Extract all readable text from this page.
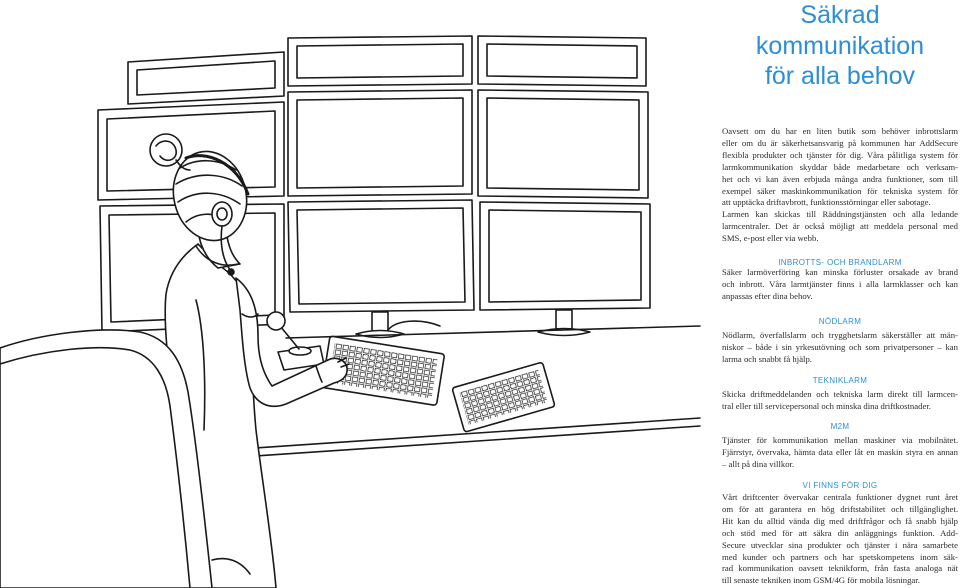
Säkrad
kommunikation
för alla behov
Oavsett om du har en liten butik som behöver inbrottslarm
eller om du är säkerhetsansvarig på kommunen har AddSecure
flexibla produkter och tjänster för dig. Våra pålitliga system för
larmkommunikation skyddar både medarbetare och verksam-
het och vi kan även erbjuda många andra funktioner, som till
exempel säker maskinkommunikation för tekniska system för
att upptäcka driftavbrott, funktionsstörningar eller sabotage.
Larmen kan skickas till Räddningstjänsten och alla ledande
larmcentraler. Det är också möjligt att meddela personal med
SMS, e-post eller via webb.
INBROTTS- OCH BRANDLARM
Säker larmöverföring kan minska förluster orsakade av brand
och inbrott. Våra larmtjänster finns i alla larmklasser och kan
anpassas efter dina behov.
NÖDLARM
Nödlarm, överfallslarm och trygghetslarm säkerställer att män-
niskor – både i sin yrkesutövning och som privatpersoner – kan
larma och snabbt få hjälp.
TEKNIKLARM
Skicka driftmeddelanden och tekniska larm direkt till larmcen-
tral eller till servicepersonal och minska dina driftkostnader.
M2M
Tjänster för kommunikation mellan maskiner via mobilnätet.
Fjärrstyr, övervaka, hämta data eller låt en maskin styra en annan
– allt på dina villkor.
VI FINNS FÖR DIG
Vårt driftcenter övervakar centrala funktioner dygnet runt året
om för att garantera en hög driftstabilitet och tillgänglighet.
Hit kan du alltid vända dig med driftfrågor och få snabb hjälp
och stöd med för att säkra din anläggnings funktion. Add-
Secure utvecklar sina produkter och tjänster i nära samarbete
med kunder och partners och har spetskompetens inom säk-
rad kommunikation oavsett teknikform, från fasta analoga nät
till senaste tekniken inom GSM/4G för mobila lösningar.
